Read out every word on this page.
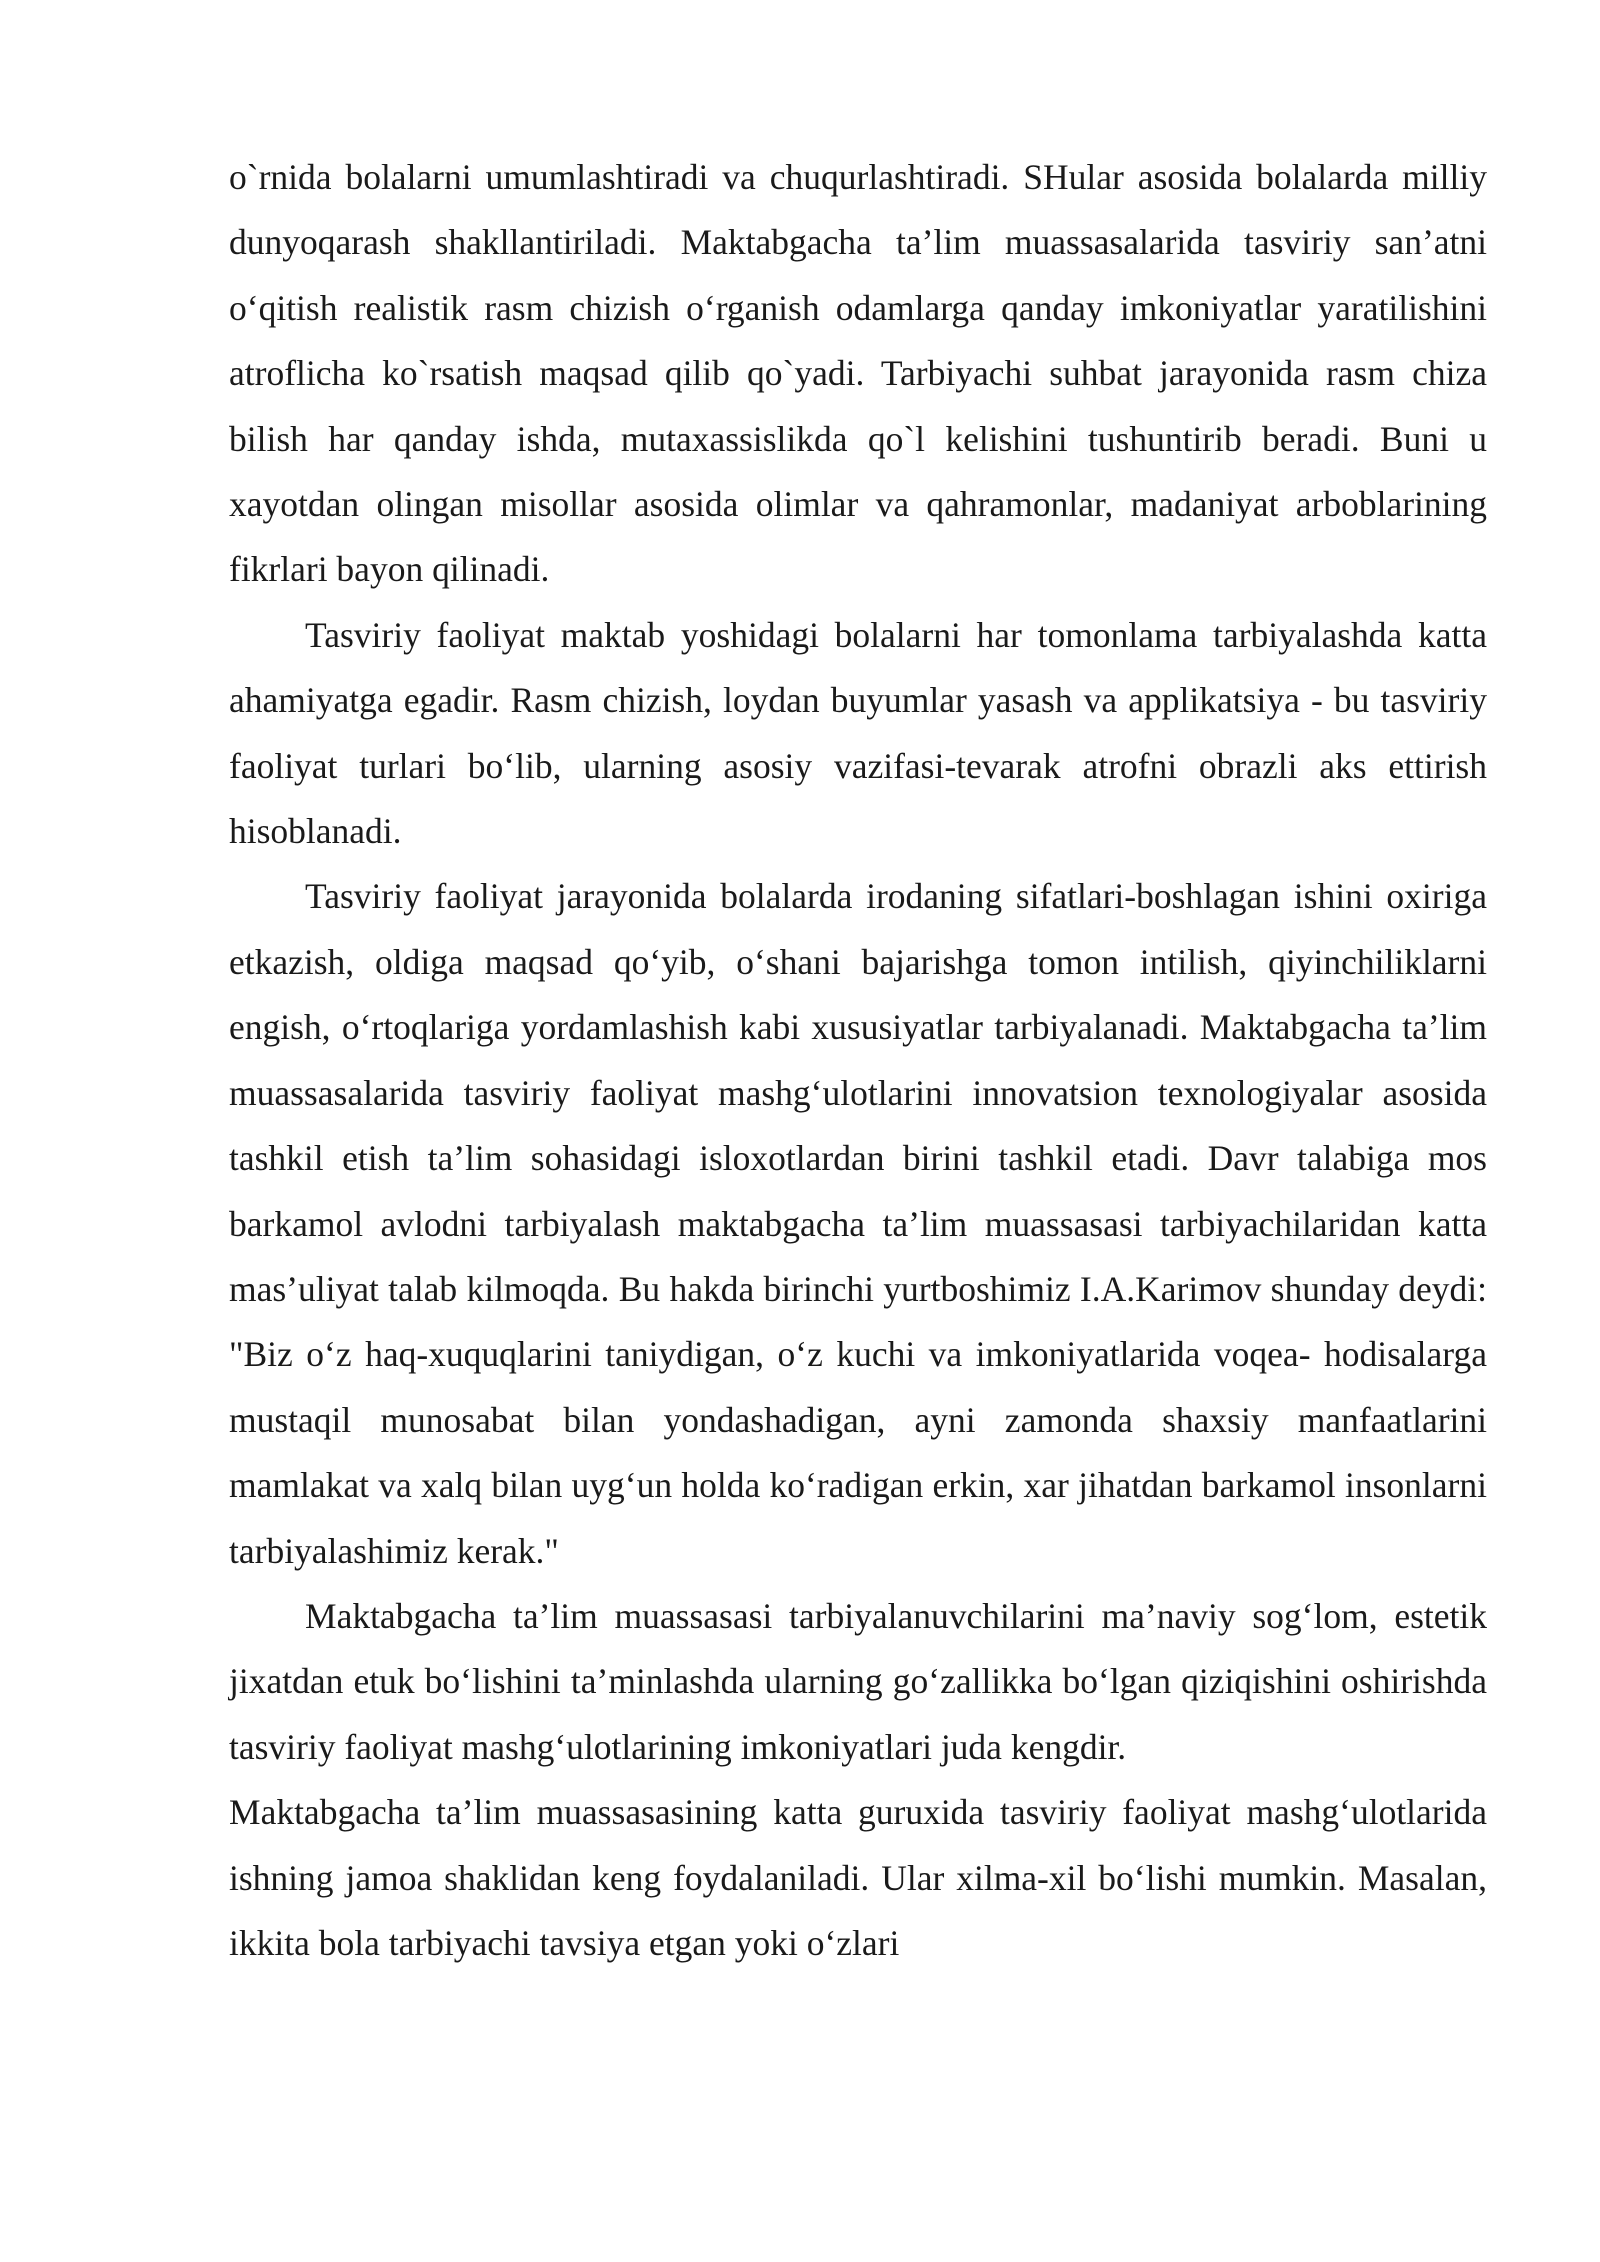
o`rnida bolalarni umumlashtiradi va chuqurlashtiradi. SHular asosida bolalarda milliy dunyoqarash shakllantiriladi. Maktabgacha ta’lim muassasalarida tasviriy san’atni o‘qitish realistik rasm chizish o‘rganish odamlarga qanday imkoniyatlar yaratilishini atroflicha ko`rsatish maqsad qilib qo`yadi. Tarbiyachi suhbat jarayonida rasm chiza bilish har qanday ishda, mutaxassislikda qo`l kelishini tushuntirib beradi. Buni u xayotdan olingan misollar asosida olimlar va qahramonlar, madaniyat arboblarining fikrlari bayon qilinadi.

Tasviriy faoliyat maktab yoshidagi bolalarni har tomonlama tarbiyalashda katta ahamiyatga egadir. Rasm chizish, loydan buyumlar yasash va applikatsiya - bu tasviriy faoliyat turlari bo‘lib, ularning asosiy vazifasi-tevarak atrofni obrazli aks ettirish hisoblanadi.

Tasviriy faoliyat jarayonida bolalarda irodaning sifatlari-boshlagan ishini oxiriga etkazish, oldiga maqsad qo‘yib, o‘shani bajarishga tomon intilish, qiyinchiliklarni engish, o‘rtoqlariga yordamlashish kabi xususiyatlar tarbiyalanadi. Maktabgacha ta’lim muassasalarida tasviriy faoliyat mashg‘ulotlarini innovatsion texnologiyalar asosida tashkil etish ta’lim sohasidagi isloxotlardan birini tashkil etadi. Davr talabiga mos barkamol avlodni tarbiyalash maktabgacha ta’lim muassasasi tarbiyachilaridan katta mas’uliyat talab kilmoqda. Bu hakda birinchi yurtboshimiz I.A.Karimov shunday deydi: "Biz o‘z haq-xuquqlarini taniydigan, o‘z kuchi va imkoniyatlarida voqea- hodisalarga mustaqil munosabat bilan yondashadigan, ayni zamonda shaxsiy manfaatlarini mamlakat va xalq bilan uyg‘un holda ko‘radigan erkin, xar jihatdan barkamol insonlarni tarbiyalashimiz kerak."

Maktabgacha ta’lim muassasasi tarbiyalanuvchilarini ma’naviy sog‘lom, estetik jixatdan etuk bo‘lishini ta’minlashda ularning go‘zallikka bo‘lgan qiziqishini oshirishda tasviriy faoliyat mashg‘ulotlarining imkoniyatlari juda kengdir.

Maktabgacha ta’lim muassasasining katta guruxida tasviriy faoliyat mashg‘ulotlarida ishning jamoa shaklidan keng foydalaniladi. Ular xilma-xil bo‘lishi mumkin. Masalan, ikkita bola tarbiyachi tavsiya etgan yoki o‘zlari
